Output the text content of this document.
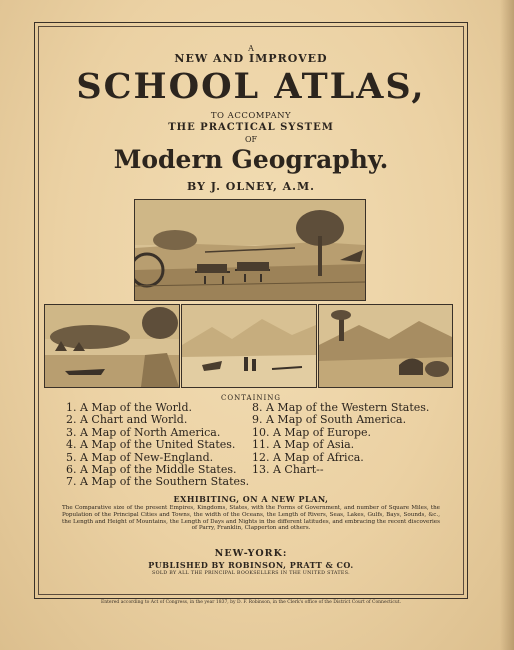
A
NEW AND IMPROVED
SCHOOL ATLAS,
TO ACCOMPANY
THE PRACTICAL SYSTEM
OF
Modern Geography.
BY J. OLNEY, A.M.
CONTAINING
1. A Map of the World.
2. A Chart and World.
3. A Map of North America.
4. A Map of the United States.
5. A Map of New-England.
6. A Map of the Middle States.
7. A Map of the Southern States.
8. A Map of the Western States.
9. A Map of South America.
10. A Map of Europe.
11. A Map of Asia.
12. A Map of Africa.
13. A Chart--
EXHIBITING, ON A NEW PLAN,
The Comparative size of the present Empires, Kingdoms, States, with the Forms of Government, and number of Square Miles, the Population of the Principal Cities and Towns, the width of the Oceans, the Length of Rivers, Seas, Lakes, Gulfs, Bays, Sounds, &c., the Length and Height of Mountains, the Length of Days and Nights in the different latitudes, and embracing the recent discoveries of Parry, Franklin, Clapperton and others.
NEW-YORK:
PUBLISHED BY ROBINSON, PRATT & CO.
SOLD BY ALL THE PRINCIPAL BOOKSELLERS IN THE UNITED STATES.
Entered according to Act of Congress, in the year 1837, by D. F. Robinson, in the Clerk's office of the District Court of Connecticut.
